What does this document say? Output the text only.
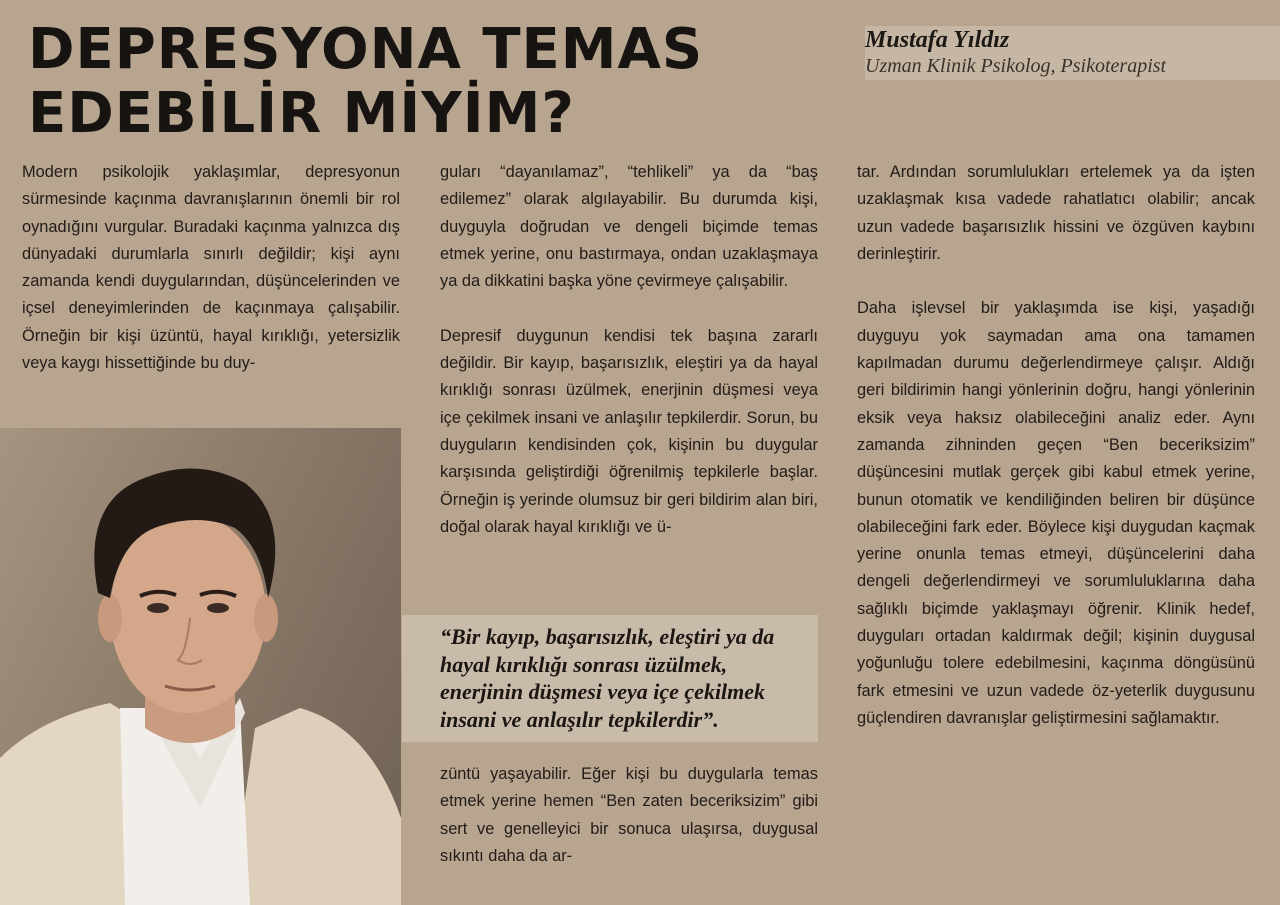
DEPRESYONA TEMAS
EDEBİLİR MİYİM?
Mustafa Yıldız
Uzman Klinik Psikolog, Psikoterapist

Modern psikolojik yaklaşımlar, depresyonun sürmesinde kaçınma davranışlarının önemli bir rol oynadığını vurgular. Buradaki kaçınma yalnızca dış dünyadaki durumlarla sınırlı değildir; kişi aynı zamanda kendi duygularından, düşüncelerinden ve içsel deneyimlerinden de kaçınmaya çalışabilir. Örneğin bir kişi üzüntü, hayal kırıklığı, yetersizlik veya kaygı hissettiğinde bu duy-

guları “dayanılamaz”, “tehlikeli” ya da “baş edilemez” olarak algılayabilir. Bu durumda kişi, duyguyla doğrudan ve dengeli biçimde temas etmek yerine, onu bastırmaya, ondan uzaklaşmaya ya da dikkatini başka yöne çevirmeye çalışabilir.

Depresif duygunun kendisi tek başına zararlı değildir. Bir kayıp, başarısızlık, eleştiri ya da hayal kırıklığı sonrası üzülmek, enerjinin düşmesi veya içe çekilmek insani ve anlaşılır tepkilerdir. Sorun, bu duyguların kendisinden çok, kişinin bu duygular karşısında geliştirdiği öğrenilmiş tepkilerle başlar. Örneğin iş yerinde olumsuz bir geri bildirim alan biri, doğal olarak hayal kırıklığı ve ü-

züntü yaşayabilir. Eğer kişi bu duygularla temas etmek yerine hemen “Ben zaten beceriksizim” gibi sert ve genelleyici bir sonuca ulaşırsa, duygusal sıkıntı daha da ar-

tar. Ardından sorumlulukları ertelemek ya da işten uzaklaşmak kısa vadede rahatlatıcı olabilir; ancak uzun vadede başarısızlık hissini ve özgüven kaybını derinleştirir.

Daha işlevsel bir yaklaşımda ise kişi, yaşadığı duyguyu yok saymadan ama ona tamamen kapılmadan durumu değerlendirmeye çalışır. Aldığı geri bildirimin hangi yönlerinin doğru, hangi yönlerinin eksik veya haksız olabileceğini analiz eder. Aynı zamanda zihninden geçen “Ben beceriksizim” düşüncesini mutlak gerçek gibi kabul etmek yerine, bunun otomatik ve kendiliğinden beliren bir düşünce olabileceğini fark eder. Böylece kişi duygudan kaçmak yerine onunla temas etmeyi, düşüncelerini daha dengeli değerlendirmeyi ve sorumluluklarına daha sağlıklı biçimde yaklaşmayı öğrenir. Klinik hedef, duyguları ortadan kaldırmak değil; kişinin duygusal yoğunluğu tolere edebilmesini, kaçınma döngüsünü fark etmesini ve uzun vadede öz-yeterlik duygusunu güçlendiren davranışlar geliştirmesini sağlamaktır.

“Bir kayıp, başarısızlık, eleştiri ya da hayal kırıklığı sonrası üzülmek, enerjinin düşmesi veya içe çekilmek insani ve anlaşılır tepkilerdir”.
